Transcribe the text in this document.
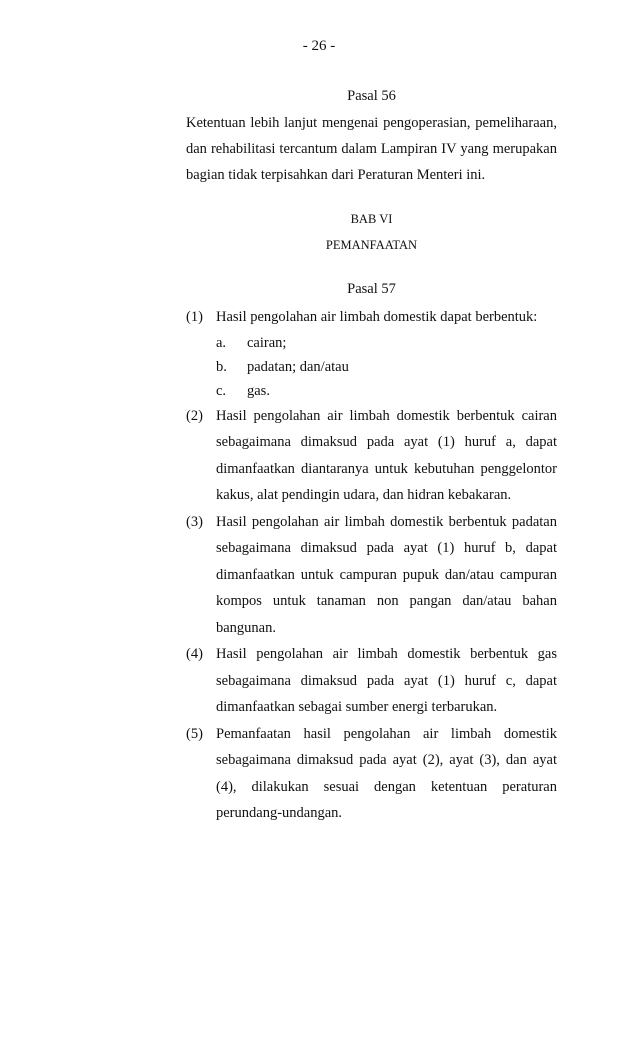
- 26 -
Pasal 56

Ketentuan lebih lanjut mengenai pengoperasian, pemeliharaan, dan rehabilitasi tercantum dalam Lampiran IV yang merupakan bagian tidak terpisahkan dari Peraturan Menteri ini.

BAB VI
PEMANFAATAN
Pasal 57
(1) Hasil pengolahan air limbah domestik dapat berbentuk:
a. cairan;
b. padatan; dan/atau
c. gas.
(2) Hasil pengolahan air limbah domestik berbentuk cairan sebagaimana dimaksud pada ayat (1) huruf a, dapat dimanfaatkan diantaranya untuk kebutuhan penggelontor kakus, alat pendingin udara, dan hidran kebakaran.
(3) Hasil pengolahan air limbah domestik berbentuk padatan sebagaimana dimaksud pada ayat (1) huruf b, dapat dimanfaatkan untuk campuran pupuk dan/atau campuran kompos untuk tanaman non pangan dan/atau bahan bangunan.
(4) Hasil pengolahan air limbah domestik berbentuk gas sebagaimana dimaksud pada ayat (1) huruf c, dapat dimanfaatkan sebagai sumber energi terbarukan.
(5) Pemanfaatan hasil pengolahan air limbah domestik sebagaimana dimaksud pada ayat (2), ayat (3), dan ayat (4), dilakukan sesuai dengan ketentuan peraturan perundang-undangan.
